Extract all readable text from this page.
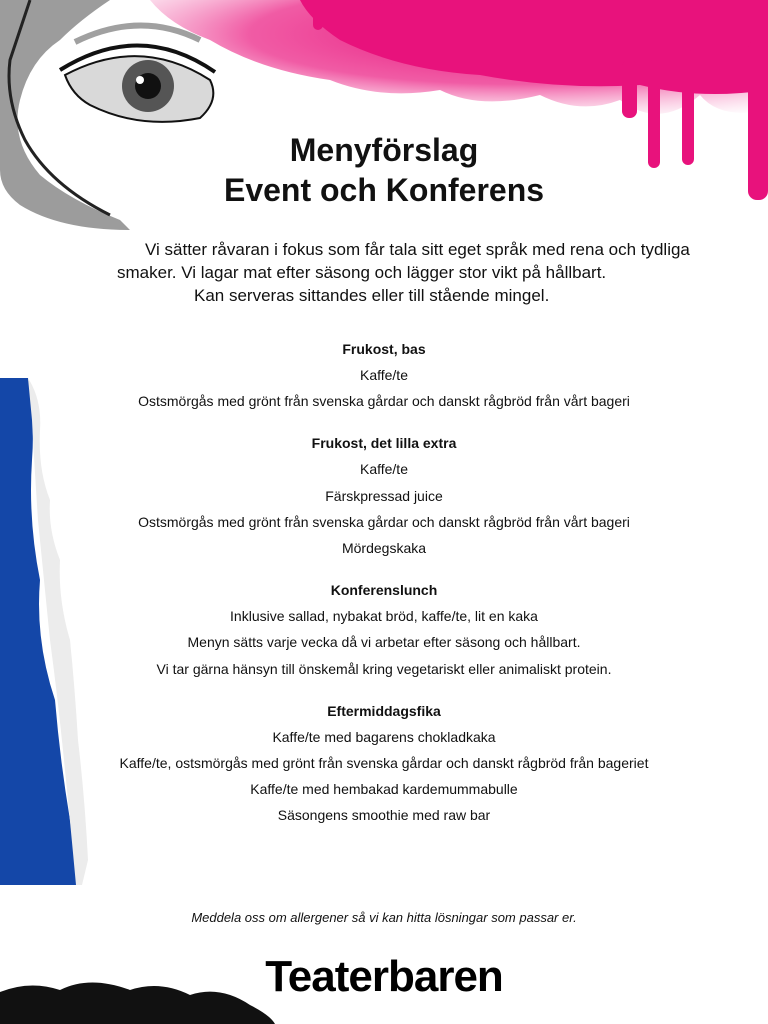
Menyförslag
Event och Konferens
Vi sätter råvaran i fokus som får tala sitt eget språk med rena och tydliga
smaker. Vi lagar mat efter säsong och lägger stor vikt på hållbart.
Kan serveras sittandes eller till stående mingel.
Frukost, bas
Kaffe/te
Ostsmörgås med grönt från svenska gårdar och danskt rågbröd från vårt bageri
Frukost, det lilla extra
Kaffe/te
Färskpressad juice
Ostsmörgås med grönt från svenska gårdar och danskt rågbröd från vårt bageri
Mördegskaka
Konferenslunch
Inklusive sallad, nybakat bröd, kaffe/te, lit en kaka
Menyn sätts varje vecka då vi arbetar efter säsong och hållbart.
Vi tar gärna hänsyn till önskemål kring vegetariskt eller animaliskt protein.
Eftermiddagsfika
Kaffe/te med bagarens chokladkaka
Kaffe/te, ostsmörgås med grönt från svenska gårdar och danskt rågbröd från bageriet
Kaffe/te med hembakad kardemummabulle
Säsongens smoothie med raw bar
Meddela oss om allergener så vi kan hitta lösningar som passar er.
Teaterbaren
